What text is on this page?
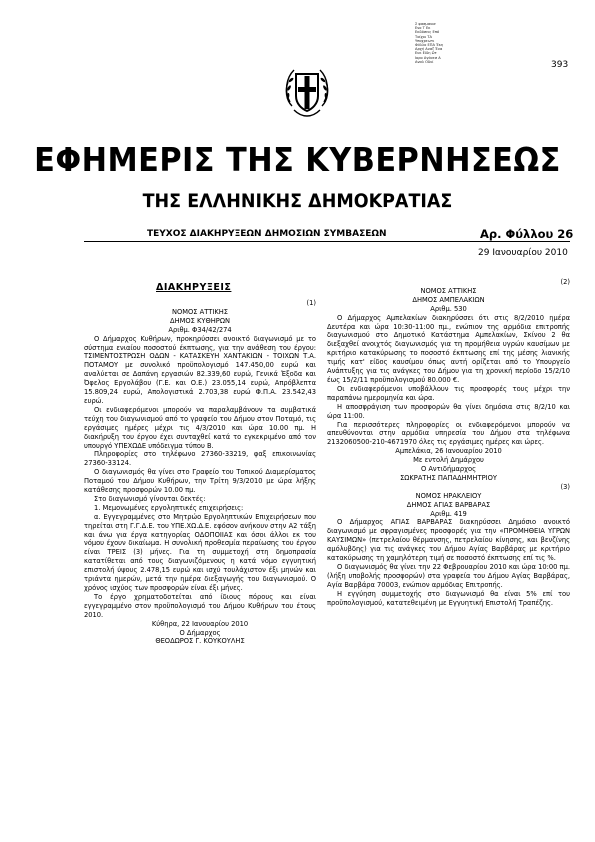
Σ φασμανισ
Ενο Τ Εκ
Εκδόσεις Επό
Τοίχοι ΤΑ
Υποχρεωτι
Φύλλο ΕΠΑ Έκη
Αρχή Αναζ Ένα
Ευκ Είδη Ωτ
Ιορο Αγάνεσ Α
Αναλ Οδνί	393
ΕΦΗΜΕΡΙΣ ΤΗΣ ΚΥΒΕΡΝΗΣΕΩΣ
ΤΗΣ ΕΛΛΗΝΙΚΗΣ ΔΗΜΟΚΡΑΤΙΑΣ
ΤΕΥΧΟΣ ΔΙΑΚΗΡΥΞΕΩΝ ΔΗΜΟΣΙΩΝ ΣΥΜΒΑΣΕΩΝ	Αρ. Φύλλου 26
29 Ιανουαρίου 2010
ΔΙΑΚΗΡΥΞΕΙΣ

(1)

ΝΟΜΟΣ ΑΤΤΙΚΗΣ

ΔΗΜΟΣ ΚΥΘΗΡΩΝ

Αριθμ. Φ34/42/274

Ο Δήμαρχος Κυθήρων, προκηρύσσει ανοικτό διαγωνισμό με το σύστημα ενιαίου ποσοστού έκπτωσης, για την ανάθεση του έργου: ΤΣΙΜΕΝΤΟΣΤΡΩΣΗ ΟΔΩΝ - ΚΑΤΑΣΚΕΥΗ ΧΑΝΤΑΚΙΩΝ - ΤΟΙΧΩΝ Τ.Α. ΠΟΤΑΜΟΥ με συνολικό προϋπολογισμό 147.450,00 ευρώ και αναλύεται σε Δαπάνη εργασιών 82.339,60 ευρώ, Γενικά Έξοδα και Όφελος Εργολάβου (Γ.Ε. και Ο.Ε.) 23.055,14 ευρώ, Απρόβλεπτα 15.809,24 ευρώ, Απολογιστικά 2.703,38 ευρώ Φ.Π.Α. 23.542,43 ευρώ.

Οι ενδιαφερόμενοι μπορούν να παραλαμβάνουν τα συμβατικά τεύχη του διαγωνισμού από το γραφείο του Δήμου στον Ποταμό, τις εργάσιμες ημέρες μέχρι τις 4/3/2010 και ώρα 10.00 πμ. Η διακήρυξη του έργου έχει συνταχθεί κατά το εγκεκριμένο από τον υπουργό ΥΠΕΧΩΔΕ υπόδειγμα τύπου Β.

Πληροφορίες στο τηλέφωνο 27360-33219, φαξ επικοινωνίας 27360-33124.

Ο διαγωνισμός θα γίνει στο Γραφείο του Τοπικού Διαμερίσματος Ποταμού του Δήμου Κυθήρων, την Τρίτη 9/3/2010 με ώρα λήξης κατάθεσης προσφορών 10.00 πμ.

Στο διαγωνισμό γίνονται δεκτές:

1. Μεμονωμένες εργοληπτικές επιχειρήσεις:

α. Εγγεγραμμένες στο Μητρώο Εργοληπτικών Επιχειρήσεων που τηρείται στη Γ.Γ.Δ.Ε. του ΥΠΕ.ΧΩ.Δ.Ε. εφόσον ανήκουν στην Α2 τάξη και άνω για έργα κατηγορίας ΟΔΟΠΟΙΙΑΣ και όσοι άλλοι εκ του νόμου έχουν δικαίωμα. Η συνολική προθεσμία περαίωσης του έργου είναι ΤΡΕΙΣ (3) μήνες. Για τη συμμετοχή στη δημοπρασία κατατίθεται από τους διαγωνιζόμενους η κατά νόμο εγγυητική επιστολή ύψους 2.478,15 ευρώ και ισχύ τουλάχιστον έξι μηνών και τριάντα ημερών, μετά την ημέρα διεξαγωγής του διαγωνισμού. Ο χρόνος ισχύος των προσφορών είναι έξι μήνες.

Το έργο χρηματοδοτείται από ίδιους πόρους και είναι εγγεγραμμένο στον προϋπολογισμό του Δήμου Κυθήρων του έτους 2010.

Κύθηρα, 22 Ιανουαρίου 2010

Ο Δήμαρχος

ΘΕΟΔΩΡΟΣ Γ. ΚΟΥΚΟΥΛΗΣ

(2)

ΝΟΜΟΣ ΑΤΤΙΚΗΣ

ΔΗΜΟΣ ΑΜΠΕΛΑΚΙΩΝ

Αριθμ. 530

Ο Δήμαρχος Αμπελακίων διακηρύσσει ότι στις 8/2/2010 ημέρα Δευτέρα και ώρα 10:30-11:00 πμ., ενώπιον της αρμόδια επιτροπής διαγωνισμού στο Δημοτικό Κατάστημα Αμπελακίων, Σκίνου 2 θα διεξαχθεί ανοιχτός διαγωνισμός για τη προμήθεια υγρών καυσίμων με κριτήριο κατακύρωσης το ποσοστό έκπτωσης επί της μέσης λιανικής τιμής κατ' είδος καυσίμου όπως αυτή ορίζεται από το Υπουργείο Ανάπτυξης για τις ανάγκες του Δήμου για τη χρονική περίοδο 15/2/10 έως 15/2/11 προϋπολογισμού 80.000 €.

Οι ενδιαφερόμενοι υποβάλλουν τις προσφορές τους μέχρι την παραπάνω ημερομηνία και ώρα.

Η αποσφράγιση των προσφορών θα γίνει δημόσια στις 8/2/10 και ώρα 11:00.

Για περισσότερες πληροφορίες οι ενδιαφερόμενοι μπορούν να απευθύνονται στην αρμόδια υπηρεσία του Δήμου στα τηλέφωνα 2132060500-210-4671970 όλες τις εργάσιμες ημέρες και ώρες.

Αμπελάκια, 26 Ιανουαρίου 2010

Με εντολή Δημάρχου

Ο Αντιδήμαρχος

ΣΩΚΡΑΤΗΣ ΠΑΠΑΔΗΜΗΤΡΙΟΥ

(3)

ΝΟΜΟΣ ΗΡΑΚΛΕΙΟΥ

ΔΗΜΟΣ ΑΓΙΑΣ ΒΑΡΒΑΡΑΣ

Αριθμ. 419

Ο Δήμαρχος ΑΓΙΑΣ ΒΑΡΒΑΡΑΣ διακηρύσσει Δημόσιο ανοικτό διαγωνισμό με σφραγισμένες προσφορές για την «ΠΡΟΜΗΘΕΙΑ ΥΓΡΩΝ ΚΑΥΣΙΜΩΝ» (πετρελαίου θέρμανσης, πετρελαίου κίνησης, και βενζίνης αμόλυβδης) για τις ανάγκες του Δήμου Αγίας Βαρβάρας με κριτήριο κατακύρωσης τη χαμηλότερη τιμή σε ποσοστό έκπτωσης επί τις %.

Ο διαγωνισμός θα γίνει την 22 Φεβρουαρίου 2010 και ώρα 10:00 πμ. (λήξη υποβολής προσφορών) στα γραφεία του Δήμου Αγίας Βαρβάρας, Αγία Βαρβάρα 70003, ενώπιον αρμόδιας Επιτροπής.

Η εγγύηση συμμετοχής στο διαγωνισμό θα είναι 5% επί του προϋπολογισμού, κατατεθειμένη με Εγγυητική Επιστολή Τραπέζης.
